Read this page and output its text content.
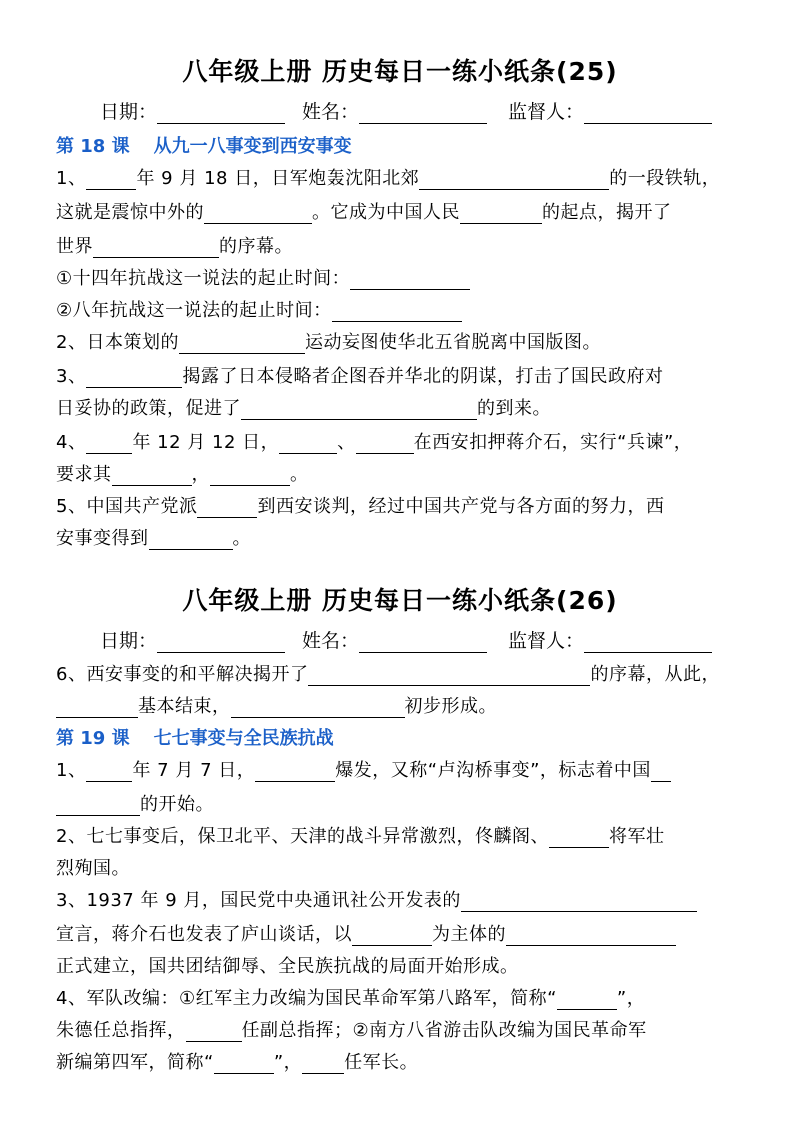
八年级上册 历史每日一练小纸条(25)
日期：	姓名：	监督人：
第 18 课 从九一八事变到西安事变
1、	年 9 月 18 日，日军炮轰沈阳北郊	的一段铁轨，
这就是震惊中外的	。它成为中国人民	的起点，揭开了
世界	的序幕。
①十四年抗战这一说法的起止时间：
②八年抗战这一说法的起止时间：
2、日本策划的	运动妄图使华北五省脱离中国版图。
3、	揭露了日本侵略者企图吞并华北的阴谋，打击了国民政府对
日妥协的政策，促进了	的到来。
4、	年 12 月 12 日，	、	在西安扣押蒋介石，实行“兵谏”，
要求其	，	。
5、中国共产党派	到西安谈判，经过中国共产党与各方面的努力，西
安事变得到	。
八年级上册 历史每日一练小纸条(26)
日期：	姓名：	监督人：
6、西安事变的和平解决揭开了	的序幕，从此，
基本结束，	初步形成。
第 19 课 七七事变与全民族抗战
1、	年 7 月 7 日，	爆发，又称“卢沟桥事变”，标志着中国
的开始。
2、七七事变后，保卫北平、天津的战斗异常激烈，佟麟阁、	将军壮
烈殉国。
3、1937 年 9 月，国民党中央通讯社公开发表的
宣言，蒋介石也发表了庐山谈话，以	为主体的
正式建立，国共团结御辱、全民族抗战的局面开始形成。
4、军队改编：①红军主力改编为国民革命军第八路军，简称“	”，
朱德任总指挥，	任副总指挥；②南方八省游击队改编为国民革命军
新编第四军，简称“	”， 任军长。
